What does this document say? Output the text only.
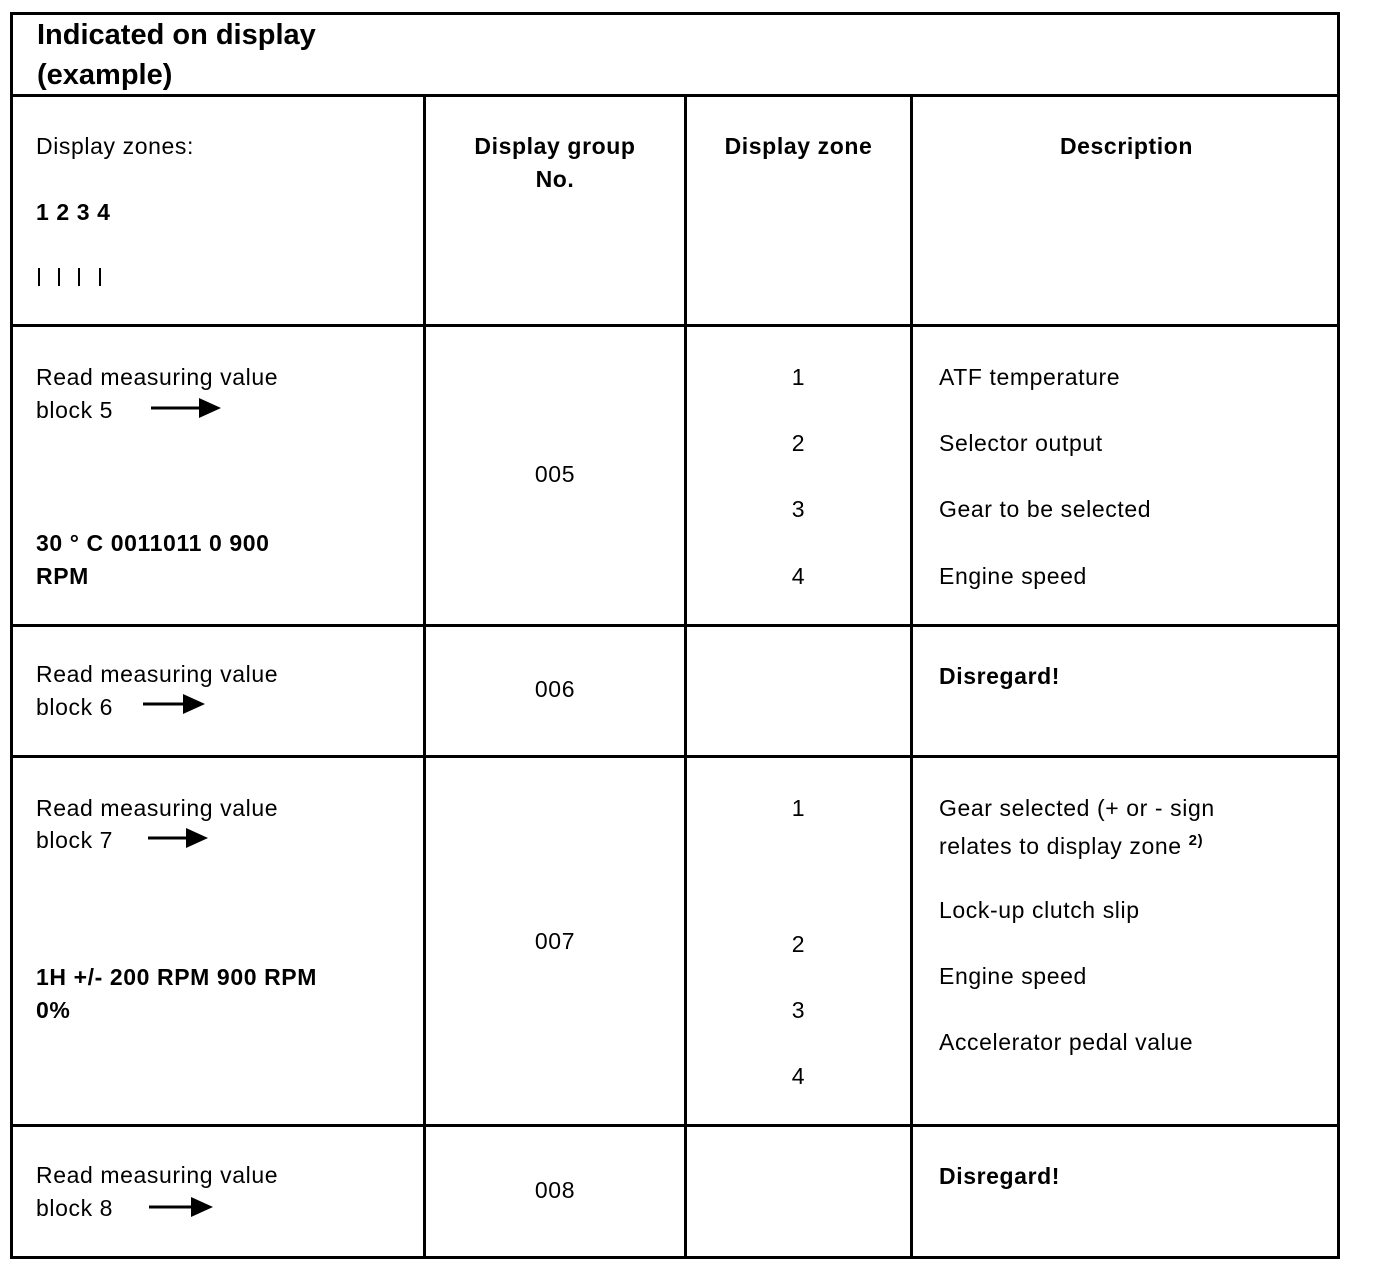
Indicated on display
(example)
Display zones:
1 2 3 4
Display group
No.
Display zone	Description
Read measuring value
block 5
30 ° C 0011011 0 900
RPM
005
1
2
3
4
ATF temperature
Selector output
Gear to be selected
Engine speed
Read measuring value
block 6
006	Disregard!
Read measuring value
block 7
1H +/- 200 RPM 900 RPM
0%
007
1
2
3
4
Gear selected (+ or - sign
relates to display zone $^{2)}$
Lock-up clutch slip
Engine speed
Accelerator pedal value
Read measuring value
block 8
008
Disregard!
